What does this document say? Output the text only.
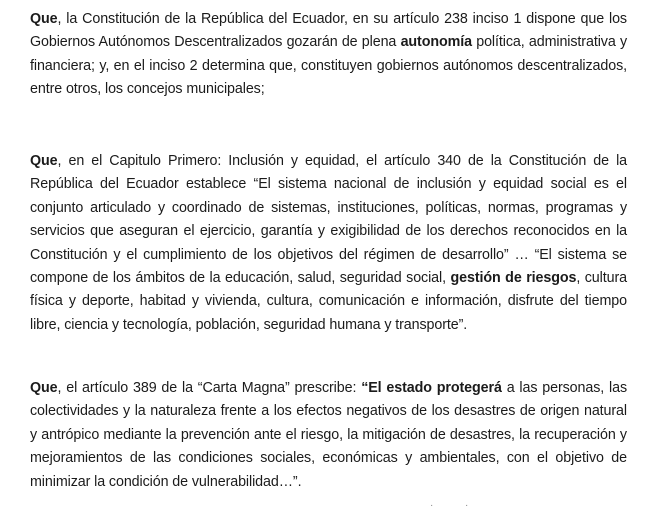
Que, la Constitución de la República del Ecuador, en su artículo 238 inciso 1 dispone que los Gobiernos Autónomos Descentralizados gozarán de plena autonomía política, administrativa y financiera; y, en el inciso 2 determina que, constituyen gobiernos autónomos descentralizados, entre otros, los concejos municipales;

Que, en el Capitulo Primero: Inclusión y equidad, el artículo 340 de la Constitución de la República del Ecuador establece “El sistema nacional de inclusión y equidad social es el conjunto articulado y coordinado de sistemas, instituciones, políticas, normas, programas y servicios que aseguran el ejercicio, garantía y exigibilidad de los derechos reconocidos en la Constitución y el cumplimiento de los objetivos del régimen de desarrollo” … “El sistema se compone de los ámbitos de la educación, salud, seguridad social, gestión de riesgos, cultura física y deporte, habitad y vivienda, cultura, comunicación e información, disfrute del tiempo libre, ciencia y tecnología, población, seguridad humana y transporte”.

Que, el artículo 389 de la “Carta Magna” prescribe: “El estado protegerá a las personas, las colectividades y la naturaleza frente a los efectos negativos de los desastres de origen natural y antrópico mediante la prevención ante el riesgo, la mitigación de desastres, la recuperación y mejoramientos de las condiciones sociales, económicas y ambientales, con el objetivo de minimizar la condición de vulnerabilidad…”.

·	·
